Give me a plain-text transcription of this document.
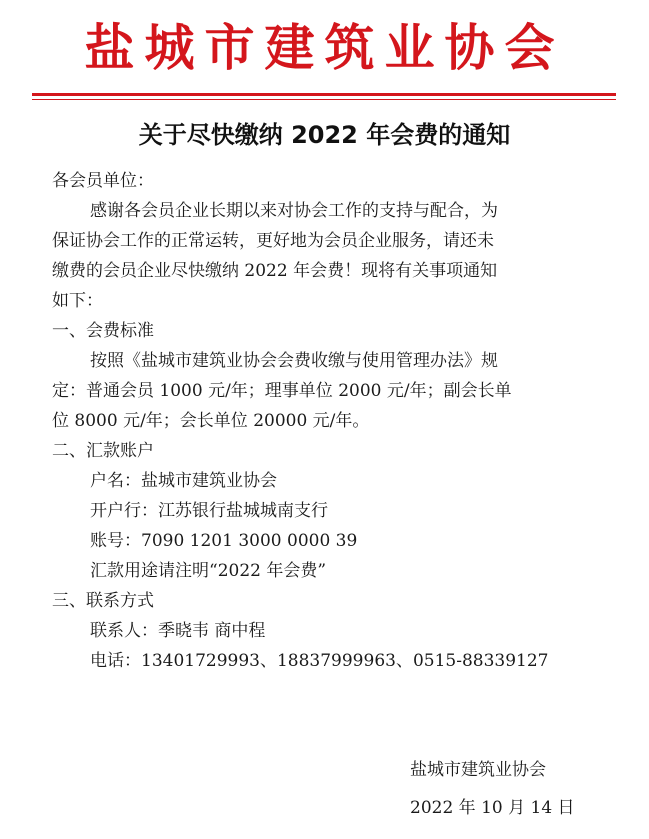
盐城市建筑业协会
关于尽快缴纳 2022 年会费的通知

各会员单位：

感谢各会员企业长期以来对协会工作的支持与配合，为

保证协会工作的正常运转，更好地为会员企业服务，请还未

缴费的会员企业尽快缴纳 2022 年会费！现将有关事项通知

如下：

一、会费标准

按照《盐城市建筑业协会会费收缴与使用管理办法》规

定：普通会员 1000 元/年；理事单位 2000 元/年；副会长单

位 8000 元/年；会长单位 20000 元/年。

二、汇款账户

户名：盐城市建筑业协会

开户行：江苏银行盐城城南支行

账号：7090 1201 3000 0000 39

汇款用途请注明“2022 年会费”

三、联系方式

联系人：季晓韦 商中程

电话：13401729993、18837999963、0515-88339127

盐城市建筑业协会
2022 年 10 月 14 日
